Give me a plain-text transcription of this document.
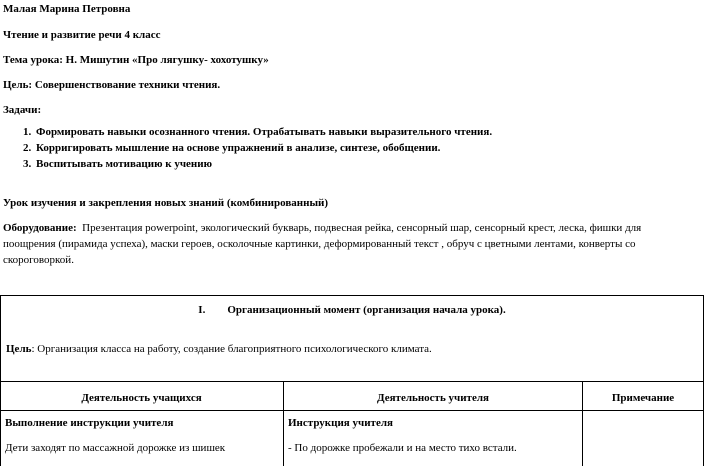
Малая Марина Петровна
Чтение и развитие речи 4 класс
Тема урока: Н. Мишутин «Про лягушку- хохотушку»
Цель: Совершенствование техники чтения.
Задачи:
1. Формировать навыки осознанного чтения. Отрабатывать навыки выразительного чтения.
2. Корригировать мышление на основе упражнений в анализе, синтезе, обобщении.
3. Воспитывать мотивацию к учению
Урок изучения и закрепления новых знаний (комбинированный)
Оборудование: Презентация powerpoint, экологический букварь, подвесная рейка, сенсорный шар, сенсорный крест, леска, фишки для поощрения (пирамида успеха), маски героев, осколочные картинки, деформированный текст , обруч с цветными лентами, конверты со скороговоркой.
I. Организационный момент (организация начала урока).
Цель: Организация класса на работу, создание благоприятного психологического климата.
Деятельность учащихся	Деятельность учителя	Примечание
Выполнение инструкции учителя
Дети заходят по массажной дорожке из шишек
Инструкция учителя
- По дорожке пробежали и на место тихо встали.
